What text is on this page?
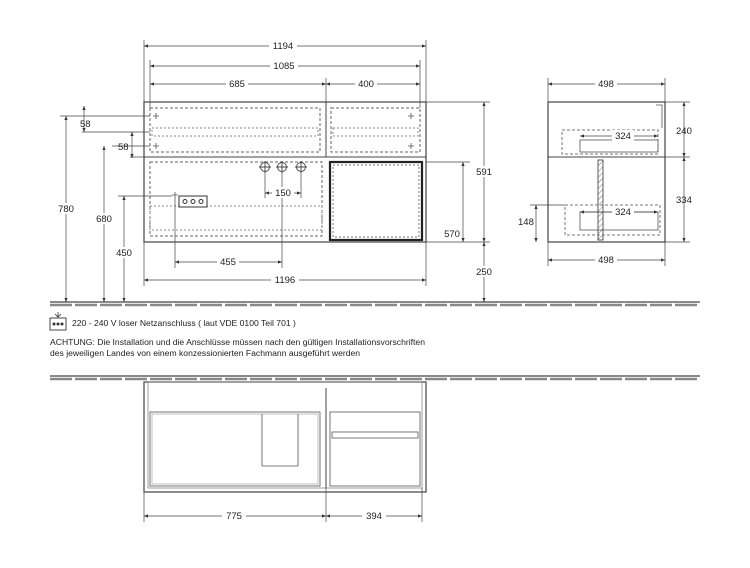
1194
1085
685	400
58
58
780
680
450
591
570
250
150
455
1196
498
498
324
324
240
334
148
775	394
220 - 240 V loser Netzanschluss ( laut VDE 0100 Teil 701 )
ACHTUNG: Die Installation und die Anschlüsse müssen nach den gültigen Installationsvorschriften
des jeweiligen Landes von einem konzessionierten Fachmann ausgeführt werden
